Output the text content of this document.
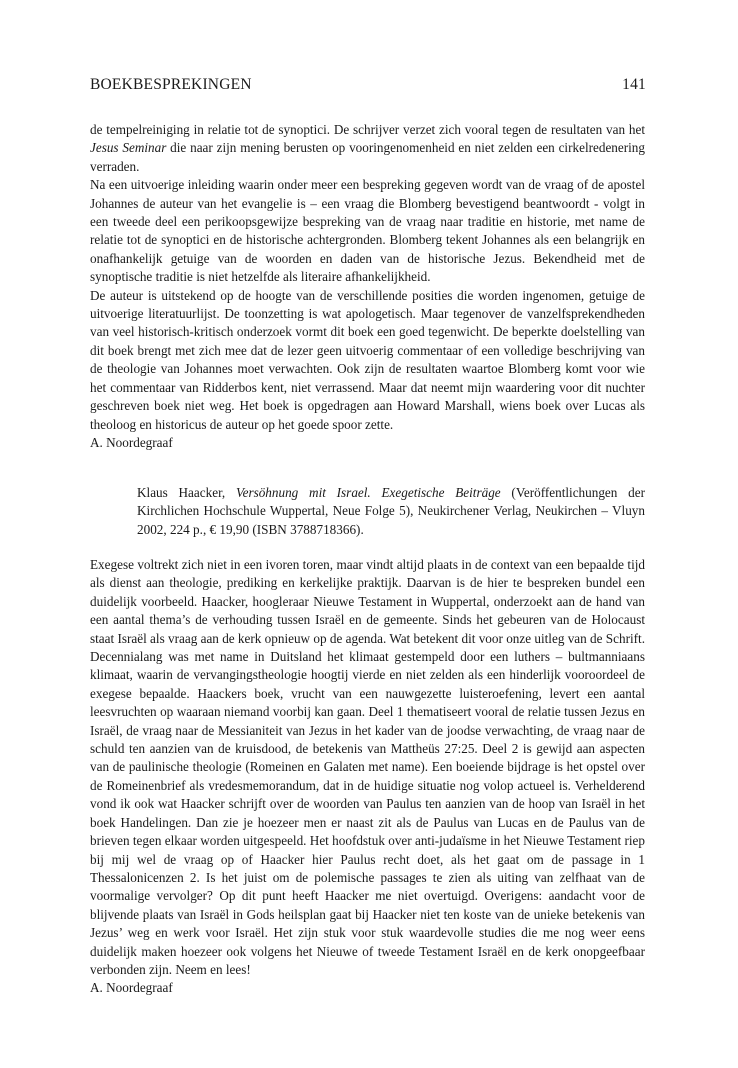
BOEKBESPREKINGEN	141

de tempelreiniging in relatie tot de synoptici. De schrijver verzet zich vooral tegen de resultaten van het Jesus Seminar die naar zijn mening berusten op vooringenomenheid en niet zelden een cirkelredenering verraden.

Na een uitvoerige inleiding waarin onder meer een bespreking gegeven wordt van de vraag of de apostel Johannes de auteur van het evangelie is – een vraag die Blomberg bevestigend beantwoordt - volgt in een tweede deel een perikoopsgewijze bespreking van de vraag naar traditie en historie, met name de relatie tot de synoptici en de historische achtergronden. Blomberg tekent Johannes als een belangrijk en onafhankelijk getuige van de woorden en daden van de historische Jezus. Bekendheid met de synoptische traditie is niet hetzelfde als literaire afhankelijkheid.

De auteur is uitstekend op de hoogte van de verschillende posities die worden ingenomen, getuige de uitvoerige literatuurlijst. De toonzetting is wat apologetisch. Maar tegenover de vanzelfsprekendheden van veel historisch-kritisch onderzoek vormt dit boek een goed tegenwicht. De beperkte doelstelling van dit boek brengt met zich mee dat de lezer geen uitvoerig commentaar of een volledige beschrijving van de theologie van Johannes moet verwachten. Ook zijn de resultaten waartoe Blomberg komt voor wie het commentaar van Ridderbos kent, niet verrassend. Maar dat neemt mijn waardering voor dit nuchter geschreven boek niet weg. Het boek is opgedragen aan Howard Marshall, wiens boek over Lucas als theoloog en historicus de auteur op het goede spoor zette.

A. Noordegraaf

Klaus Haacker, Versöhnung mit Israel. Exegetische Beiträge (Veröffentlichungen der Kirchlichen Hochschule Wuppertal, Neue Folge 5), Neukirchener Verlag, Neukirchen – Vluyn 2002, 224 p., € 19,90 (ISBN 3788718366).

Exegese voltrekt zich niet in een ivoren toren, maar vindt altijd plaats in de context van een bepaalde tijd als dienst aan theologie, prediking en kerkelijke praktijk. Daarvan is de hier te bespreken bundel een duidelijk voorbeeld. Haacker, hoogleraar Nieuwe Testament in Wuppertal, onderzoekt aan de hand van een aantal thema’s de verhouding tussen Israël en de gemeente. Sinds het gebeuren van de Holocaust staat Israël als vraag aan de kerk opnieuw op de agenda. Wat betekent dit voor onze uitleg van de Schrift. Decennialang was met name in Duitsland het klimaat gestempeld door een luthers – bultmanniaans klimaat, waarin de vervangingstheologie hoogtij vierde en niet zelden als een hinderlijk vooroordeel de exegese bepaalde. Haackers boek, vrucht van een nauwgezette luisteroefening, levert een aantal leesvruchten op waaraan niemand voorbij kan gaan. Deel 1 thematiseert vooral de relatie tussen Jezus en Israël, de vraag naar de Messianiteit van Jezus in het kader van de joodse verwachting, de vraag naar de schuld ten aanzien van de kruisdood, de betekenis van Mattheüs 27:25. Deel 2 is gewijd aan aspecten van de paulinische theologie (Romeinen en Galaten met name). Een boeiende bijdrage is het opstel over de Romeinenbrief als vredesmemorandum, dat in de huidige situatie nog volop actueel is. Verhelderend vond ik ook wat Haacker schrijft over de woorden van Paulus ten aanzien van de hoop van Israël in het boek Handelingen. Dan zie je hoezeer men er naast zit als de Paulus van Lucas en de Paulus van de brieven tegen elkaar worden uitgespeeld. Het hoofdstuk over anti-judaïsme in het Nieuwe Testament riep bij mij wel de vraag op of Haacker hier Paulus recht doet, als het gaat om de passage in 1 Thessalonicenzen 2. Is het juist om de polemische passages te zien als uiting van zelfhaat van de voormalige vervolger? Op dit punt heeft Haacker me niet overtuigd. Overigens: aandacht voor de blijvende plaats van Israël in Gods heilsplan gaat bij Haacker niet ten koste van de unieke betekenis van Jezus’ weg en werk voor Israël. Het zijn stuk voor stuk waardevolle studies die me nog weer eens duidelijk maken hoezeer ook volgens het Nieuwe of tweede Testament Israël en de kerk onopgeefbaar verbonden zijn. Neem en lees!

A. Noordegraaf
